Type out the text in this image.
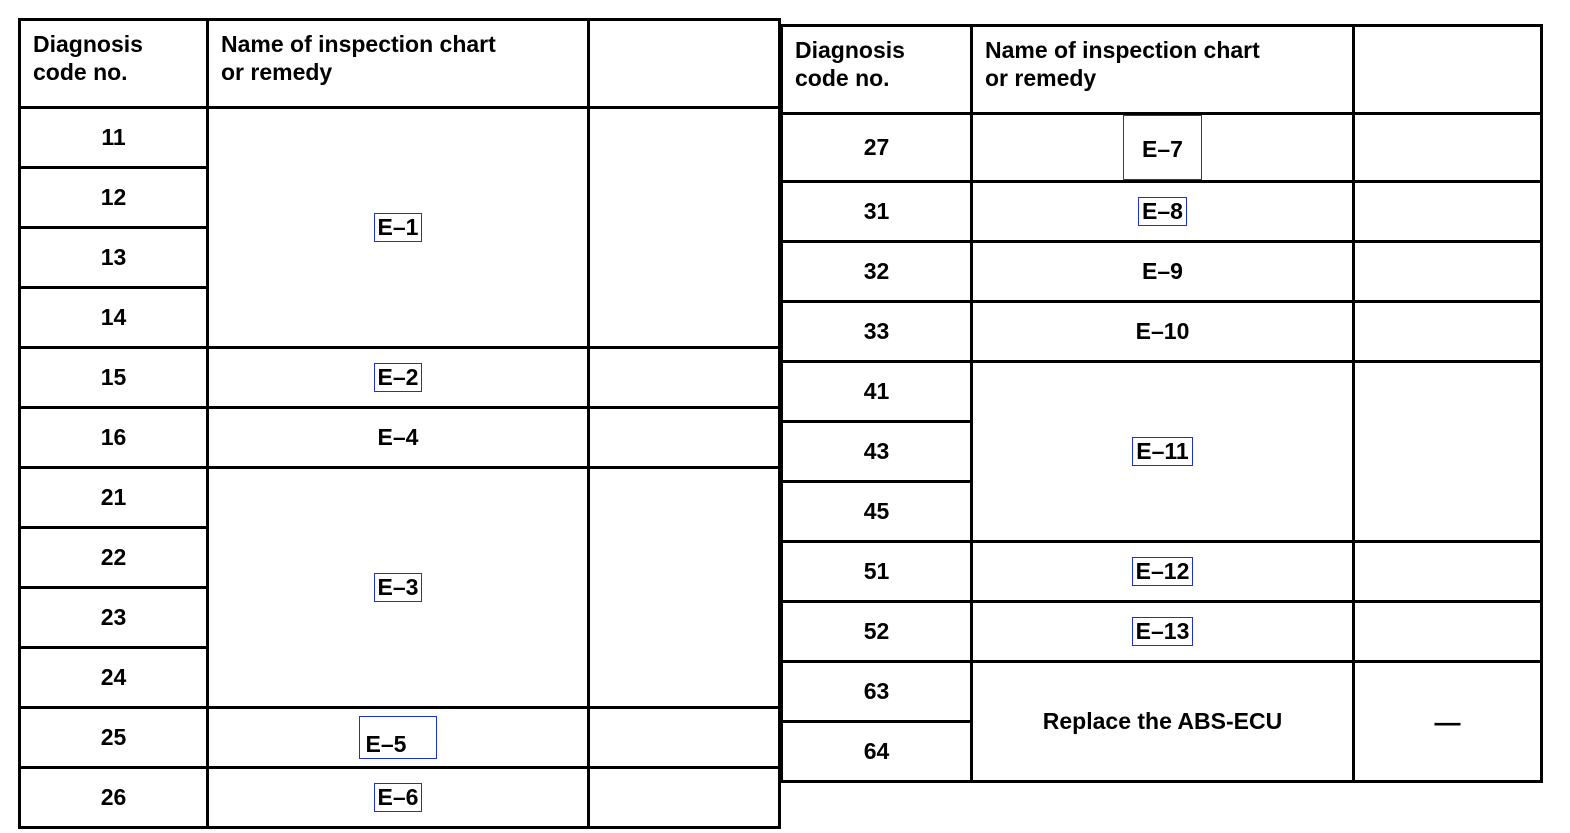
Diagnosis
code no.	Name of inspection chart
or remedy	

11	E–1	
12		
13		
14		
15	E–2	
16	E–4	
21	E–3	
22		
23		
24		
25	E–5	
26	E–6	
Diagnosis
code no.	Name of inspection chart
or remedy	

27	E–7	
31	E–8	
32	E–9	
33	E–10	
41	E–11	
43		
45		
51	E–12	
52	E–13	
63	Replace the ABS-ECU	—
64		
